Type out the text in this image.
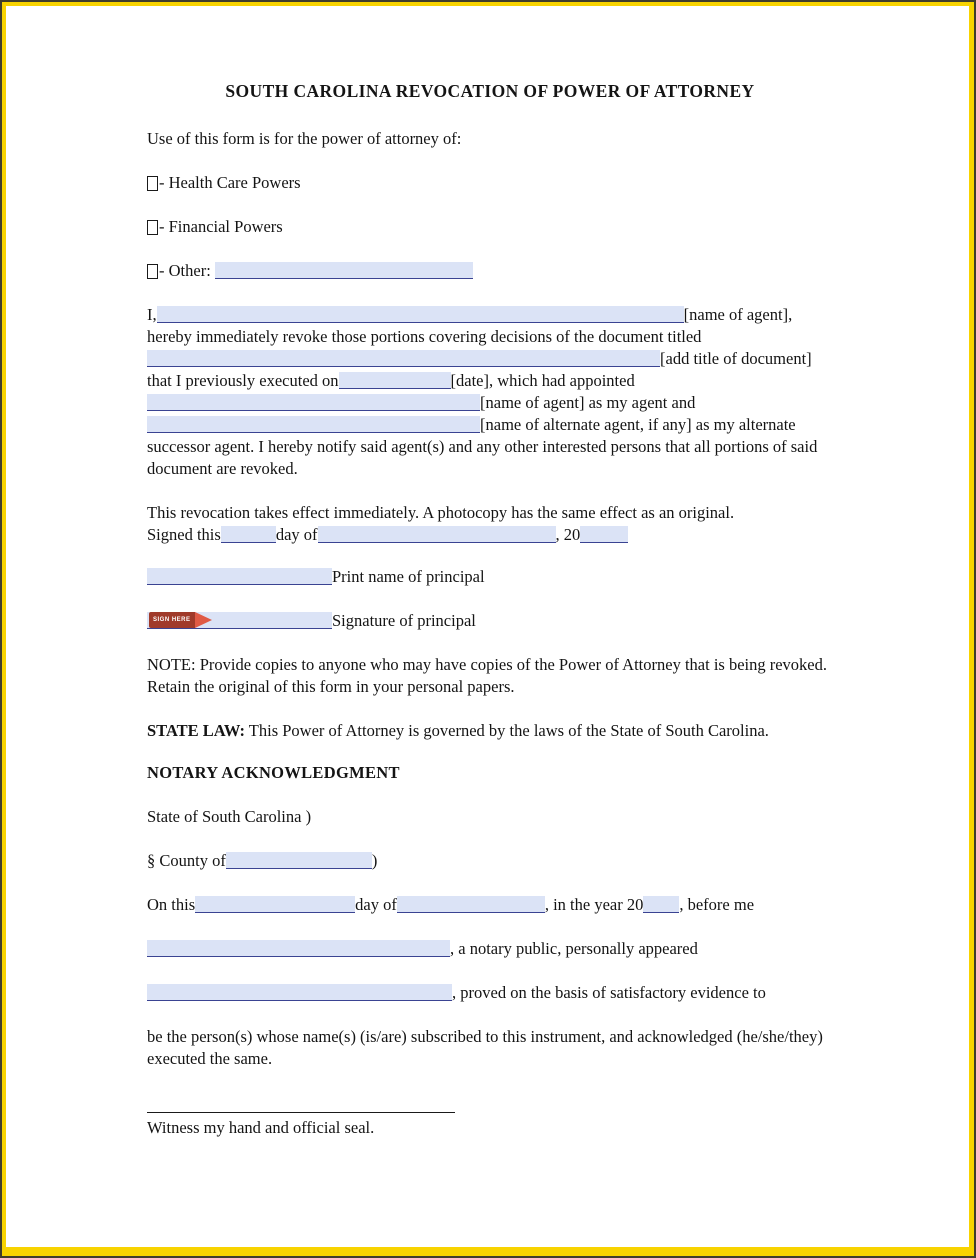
SOUTH CAROLINA REVOCATION OF POWER OF ATTORNEY

Use of this form is for the power of attorney of:

- Health Care Powers
- Financial Powers
- Other:

I,	[name of agent], hereby immediately revoke those portions covering decisions of the document titled [add title of document] that I previously executed on	[date], which had appointed [name of agent] as my agent and [name of alternate agent, if any] as my alternate successor agent. I hereby notify said agent(s) and any other interested persons that all portions of said document are revoked.

This revocation takes effect immediately. A photocopy has the same effect as an original.
Signed this	day of	, 20
Print name of principal
SIGN HERE	Signature of principal

NOTE: Provide copies to anyone who may have copies of the Power of Attorney that is being revoked. Retain the original of this form in your personal papers.

STATE LAW: This Power of Attorney is governed by the laws of the State of South Carolina.

NOTARY ACKNOWLEDGMENT

State of South Carolina )

§ County of	)

On this	day of	, in the year 20 , before me

, a notary public, personally appeared

, proved on the basis of satisfactory evidence to

be the person(s) whose name(s) (is/are) subscribed to this instrument, and acknowledged (he/she/they) executed the same.

Witness my hand and official seal.
